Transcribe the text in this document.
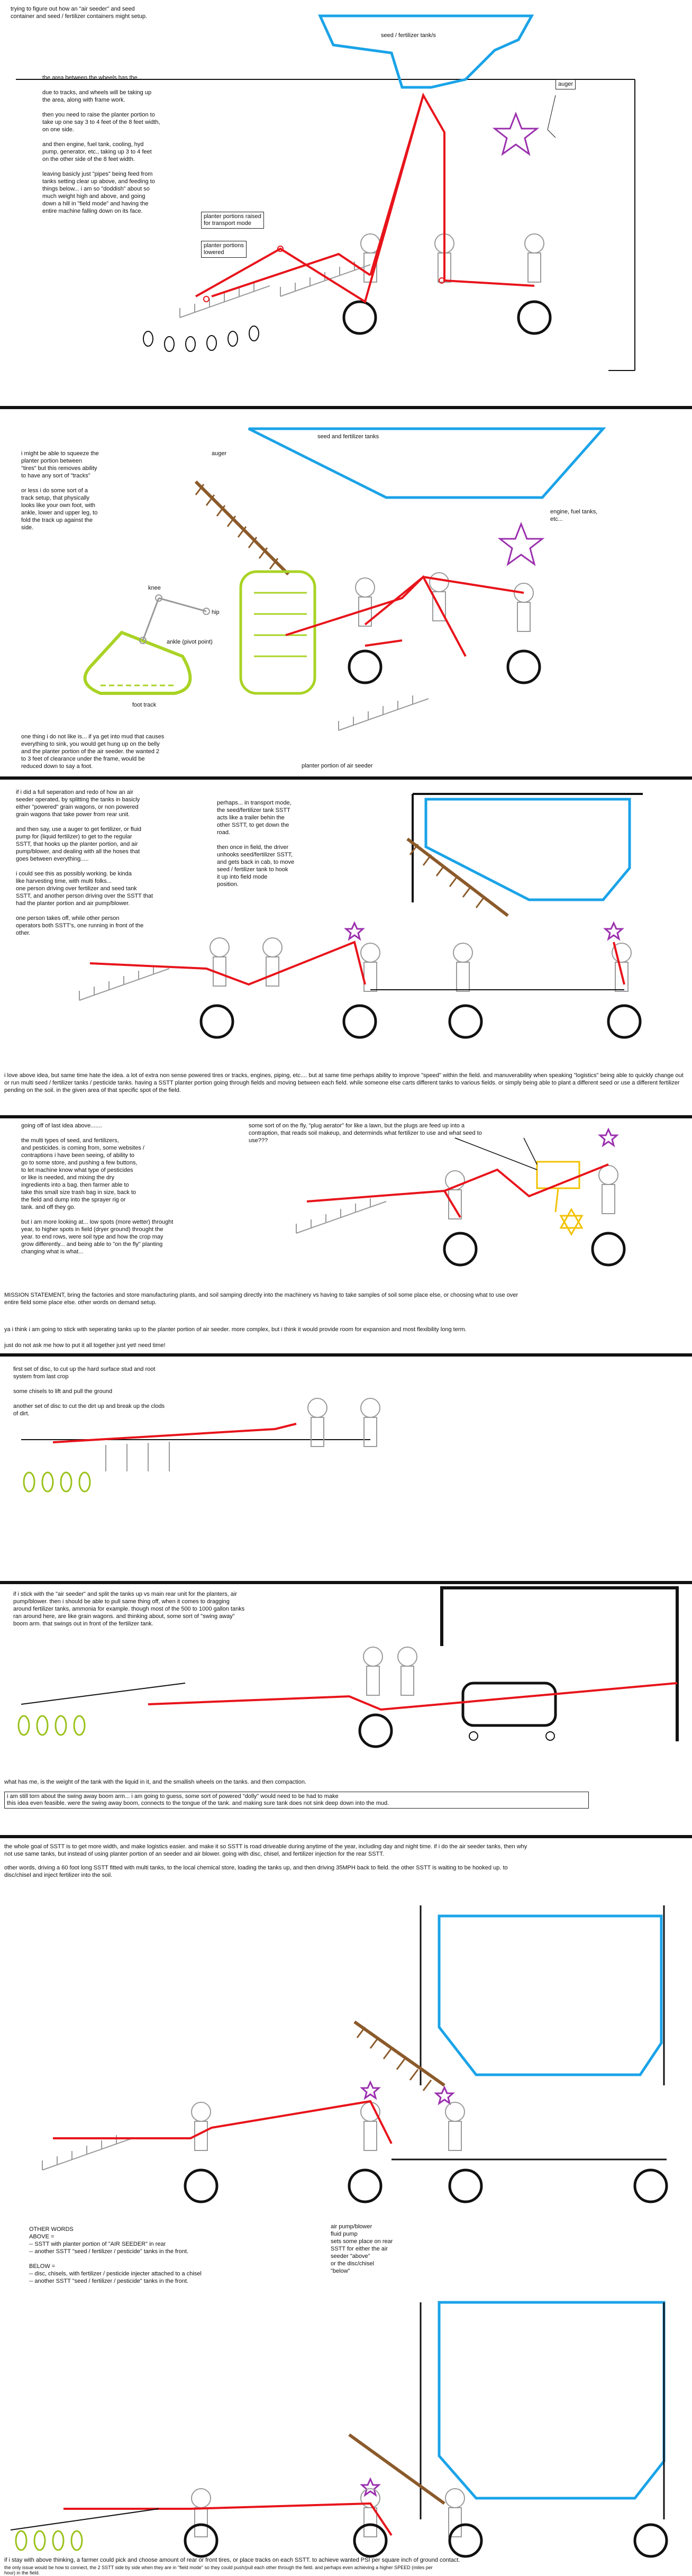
trying to figure out how an "air seeder" and seed
container and seed / fertilizer containers might setup.
seed / fertilizer tank/s
auger
the area between the wheels has the...

due to tracks, and wheels will be taking up
the area, along with frame work.

then you need to raise the planter portion to
take up one say 3 to 4 feet of the 8 feet width,
on one side.

and then engine, fuel tank, cooling, hyd
pump, generator, etc., taking up 3 to 4 feet
on the other side of the 8 feet width.

leaving basicly just "pipes" being feed from
tanks setting clear up above, and feeding to
things below... i am so "doddish" about so
much weight high and above, and going
down a hill in "field mode" and having the
entire machine falling down on its face.
planter portions raised
for transport mode
planter portions
lowered
i might be able to squeeze the
planter portion between
"tires" but this removes ability
to have any sort of "tracks"

or less i do some sort of a
track setup, that physically
looks like your own foot, with
ankle, lower and upper leg, to
fold the track up against the
side.
auger
seed and fertilizer tanks
engine, fuel tanks,
etc...
knee
hip
ankle (pivot point)
foot track
one thing i do not like is... if ya get into mud that causes
everything to sink, you would get hung up on the belly
and the planter portion of the air seeder. the wanted 2
to 3 feet of clearance under the frame, would be
reduced down to say a foot.	planter portion of air seeder
if i did a full seperation and redo of how an air
seeder operated, by splitting the tanks in basicly
either "powered" grain wagons, or non powered
grain wagons that take power from rear unit.

and then say, use a auger to get fertilizer, or fluid
pump for (liquid fertilizer) to get to the regular
SSTT, that hooks up the planter portion, and air
pump/blower, and dealing with all the hoses that
goes between everything.....

i could see this as possibly working. be kinda
like harvesting time, with multi folks...
one person driving over fertilizer and seed tank
SSTT, and another person driving over the SSTT that
had the planter portion and air pump/blower.

one person takes off, while other person
operators both SSTT's, one running in front of the
other.
perhaps... in transport mode,
the seed/fertilizer tank SSTT
acts like a trailer behin the
other SSTT, to get down the
road.

then once in field, the driver
unhooks seed/fertilizer SSTT,
and gets back in cab, to move
seed / fertilizer tank to hook
it up into field mode
position.
i love above idea, but same time hate the idea. a lot of extra non sense powered tires or tracks, engines, piping, etc.... but at same time perhaps ability to improve "speed" within the field. and manuverability when speaking "logistics" being able to quickly change out or run multi seed / fertilizer tanks / pesticide tanks. having a SSTT planter portion going through fields and moving between each field. while someone else carts different tanks to various fields. or simply being able to plant a different seed or use a different fertilizer pending on the soil. in the given area of that specific spot of the field.
going off of last idea above.......

the multi types of seed, and fertilizers,
and pesticides. is coming from, some websites /
contraptions i have been seeing, of ability to
go to some store, and pushing a few buttons,
to let machine know what type of pesticides
or like is needed, and mixing the dry
ingredients into a bag. then farmer able to
take this small size trash bag in size, back to
the field and dump into the sprayer rig or
tank. and off they go.

but i am more looking at... low spots (more wetter) throught
year, to higher spots in field (dryer ground) throught the
year. to end rows, were soil type and how the crop may
grow differently... and being able to "on the fly" planting
changing what is what...
some sort of on the fly, "plug aerator" for like a lawn, but the plugs are feed up into a
contraption, that reads soil makeup, and determinds what fertilizer to use and what seed to
use???
MISSION STATEMENT, bring the factories and store manufacturing plants, and soil samping directly into the machinery vs having to take samples of soil some place else, or choosing what to use over
entire field some place else. other words on demand setup.
ya i think i am going to stick with seperating tanks up to the planter portion of air seeder. more complex, but i think it would provide room for expansion and most flexibility long term.
just do not ask me how to put it all together just yet! need time!
first set of disc, to cut up the hard surface stud and root
system from last crop

some chisels to lift and pull the ground

another set of disc to cut the dirt up and break up the clods
of dirt.
if i stick with the "air seeder" and split the tanks up vs main rear unit for the planters, air
pump/blower. then i should be able to pull same thing off, when it comes to dragging
around fertilizer tanks, ammonia for example. though most of the 500 to 1000 gallon tanks
ran around here, are like grain wagons. and thinking about, some sort of "swing away"
boom arm. that swings out in front of the fertilizer tank.
what has me, is the weight of the tank with the liquid in it, and the smallish wheels on the tanks. and then compaction.
i am still torn about the swing away boom arm... i am going to guess, some sort of powered "dolly" would need to be had to make
this idea even feasible. were the swing away boom, connects to the tongue of the tank. and making sure tank does not sink deep down into the mud.
the whole goal of SSTT is to get more width, and make logistics easier. and make it so SSTT is road driveable during anytime of the year, including day and night time. if i do the air seeder tanks, then why
not use same tanks, but instead of using planter portion of an seeder and air blower. going with disc, chisel, and fertilizer injection for the rear SSTT.
other words, driving a 60 foot long SSTT fitted with multi tanks, to the local chemical store, loading the tanks up, and then driving 35MPH back to field. the other SSTT is waiting to be hooked up. to
disc/chisel and inject fertilizer into the soil.
OTHER WORDS
ABOVE =
-- SSTT with planter portion of "AIR SEEDER" in rear
-- another SSTT "seed / fertilizer / pesticide" tanks in the front.

BELOW =
-- disc, chisels, with fertilizer / pesticide injecter attached to a chisel
-- another SSTT "seed / fertilizer / pesticide" tanks in the front.
air pump/blower
fluid pump
sets some place on rear
SSTT for either the air
seeder "above"
or the disc/chisel
"below"
if i stay with above thinking, a farmer could pick and choose amount of rear or front tires, or place tracks on each SSTT. to achieve wanted PSI per square inch of ground contact.
the only issue would be how to connect, the 2 SSTT side by side when they are in "field mode" so they could push/pull each other through the field. and perhaps even achieving a higher SPEED (miles per
hour) in the field.
